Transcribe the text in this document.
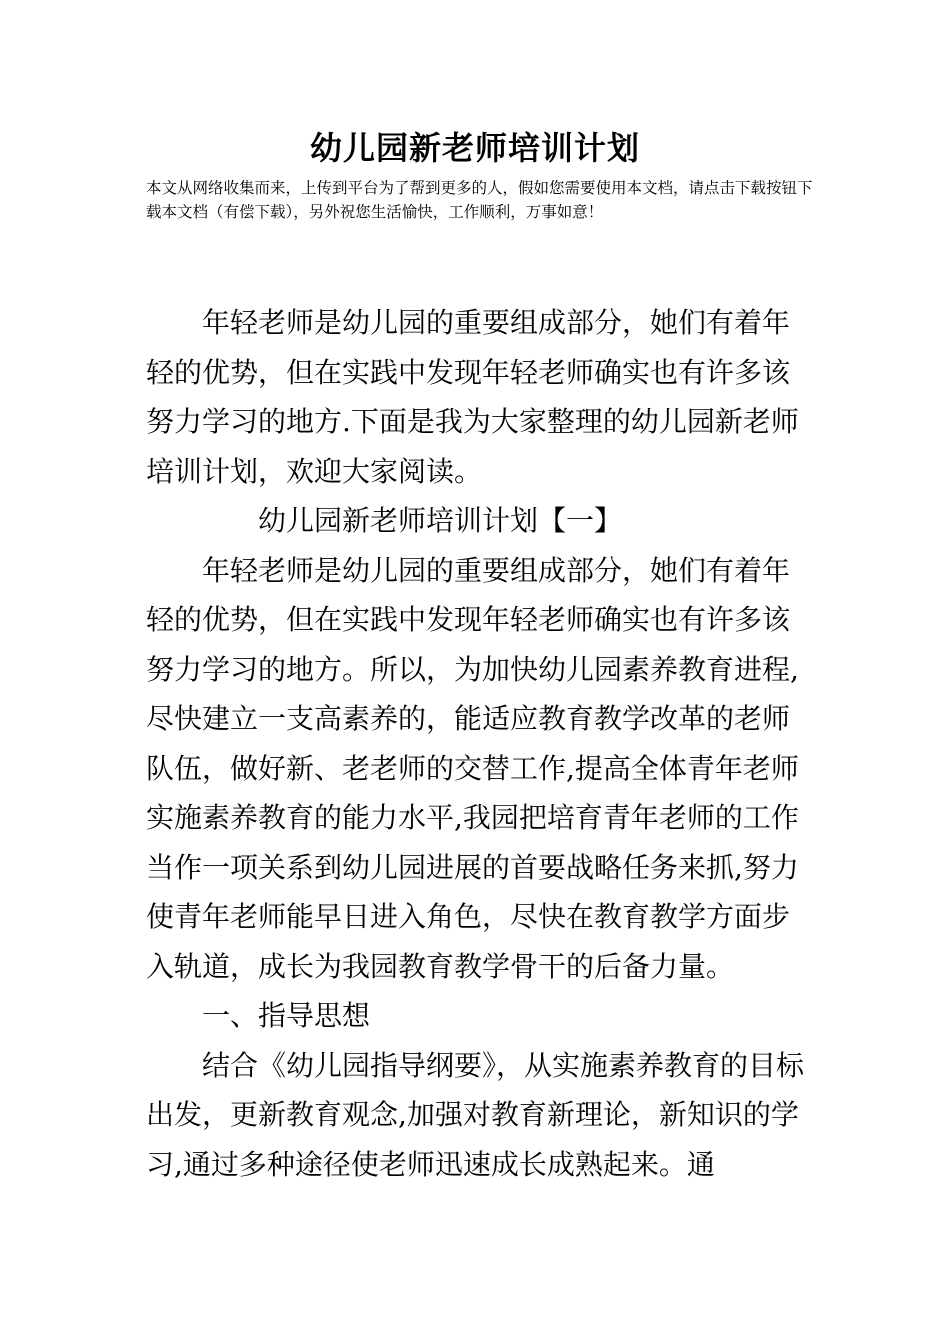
幼儿园新老师培训计划

本文从网络收集而来，上传到平台为了帮到更多的人，假如您需要使用本文档，请点击下载按钮下载本文档（有偿下载），另外祝您生活愉快，工作顺利，万事如意！

年轻老师是幼儿园的重要组成部分，她们有着年轻的优势，但在实践中发现年轻老师确实也有许多该努力学习的地方.下面是我为大家整理的幼儿园新老师培训计划，欢迎大家阅读。

幼儿园新老师培训计划【一】

年轻老师是幼儿园的重要组成部分，她们有着年轻的优势，但在实践中发现年轻老师确实也有许多该努力学习的地方。所以，为加快幼儿园素养教育进程,尽快建立一支高素养的，能适应教育教学改革的老师队伍，做好新、老老师的交替工作,提高全体青年老师实施素养教育的能力水平,我园把培育青年老师的工作当作一项关系到幼儿园进展的首要战略任务来抓,努力使青年老师能早日进入角色，尽快在教育教学方面步入轨道，成长为我园教育教学骨干的后备力量。

一、指导思想

结合《幼儿园指导纲要》，从实施素养教育的目标出发，更新教育观念,加强对教育新理论，新知识的学习,通过多种途径使老师迅速成长成熟起来。通
